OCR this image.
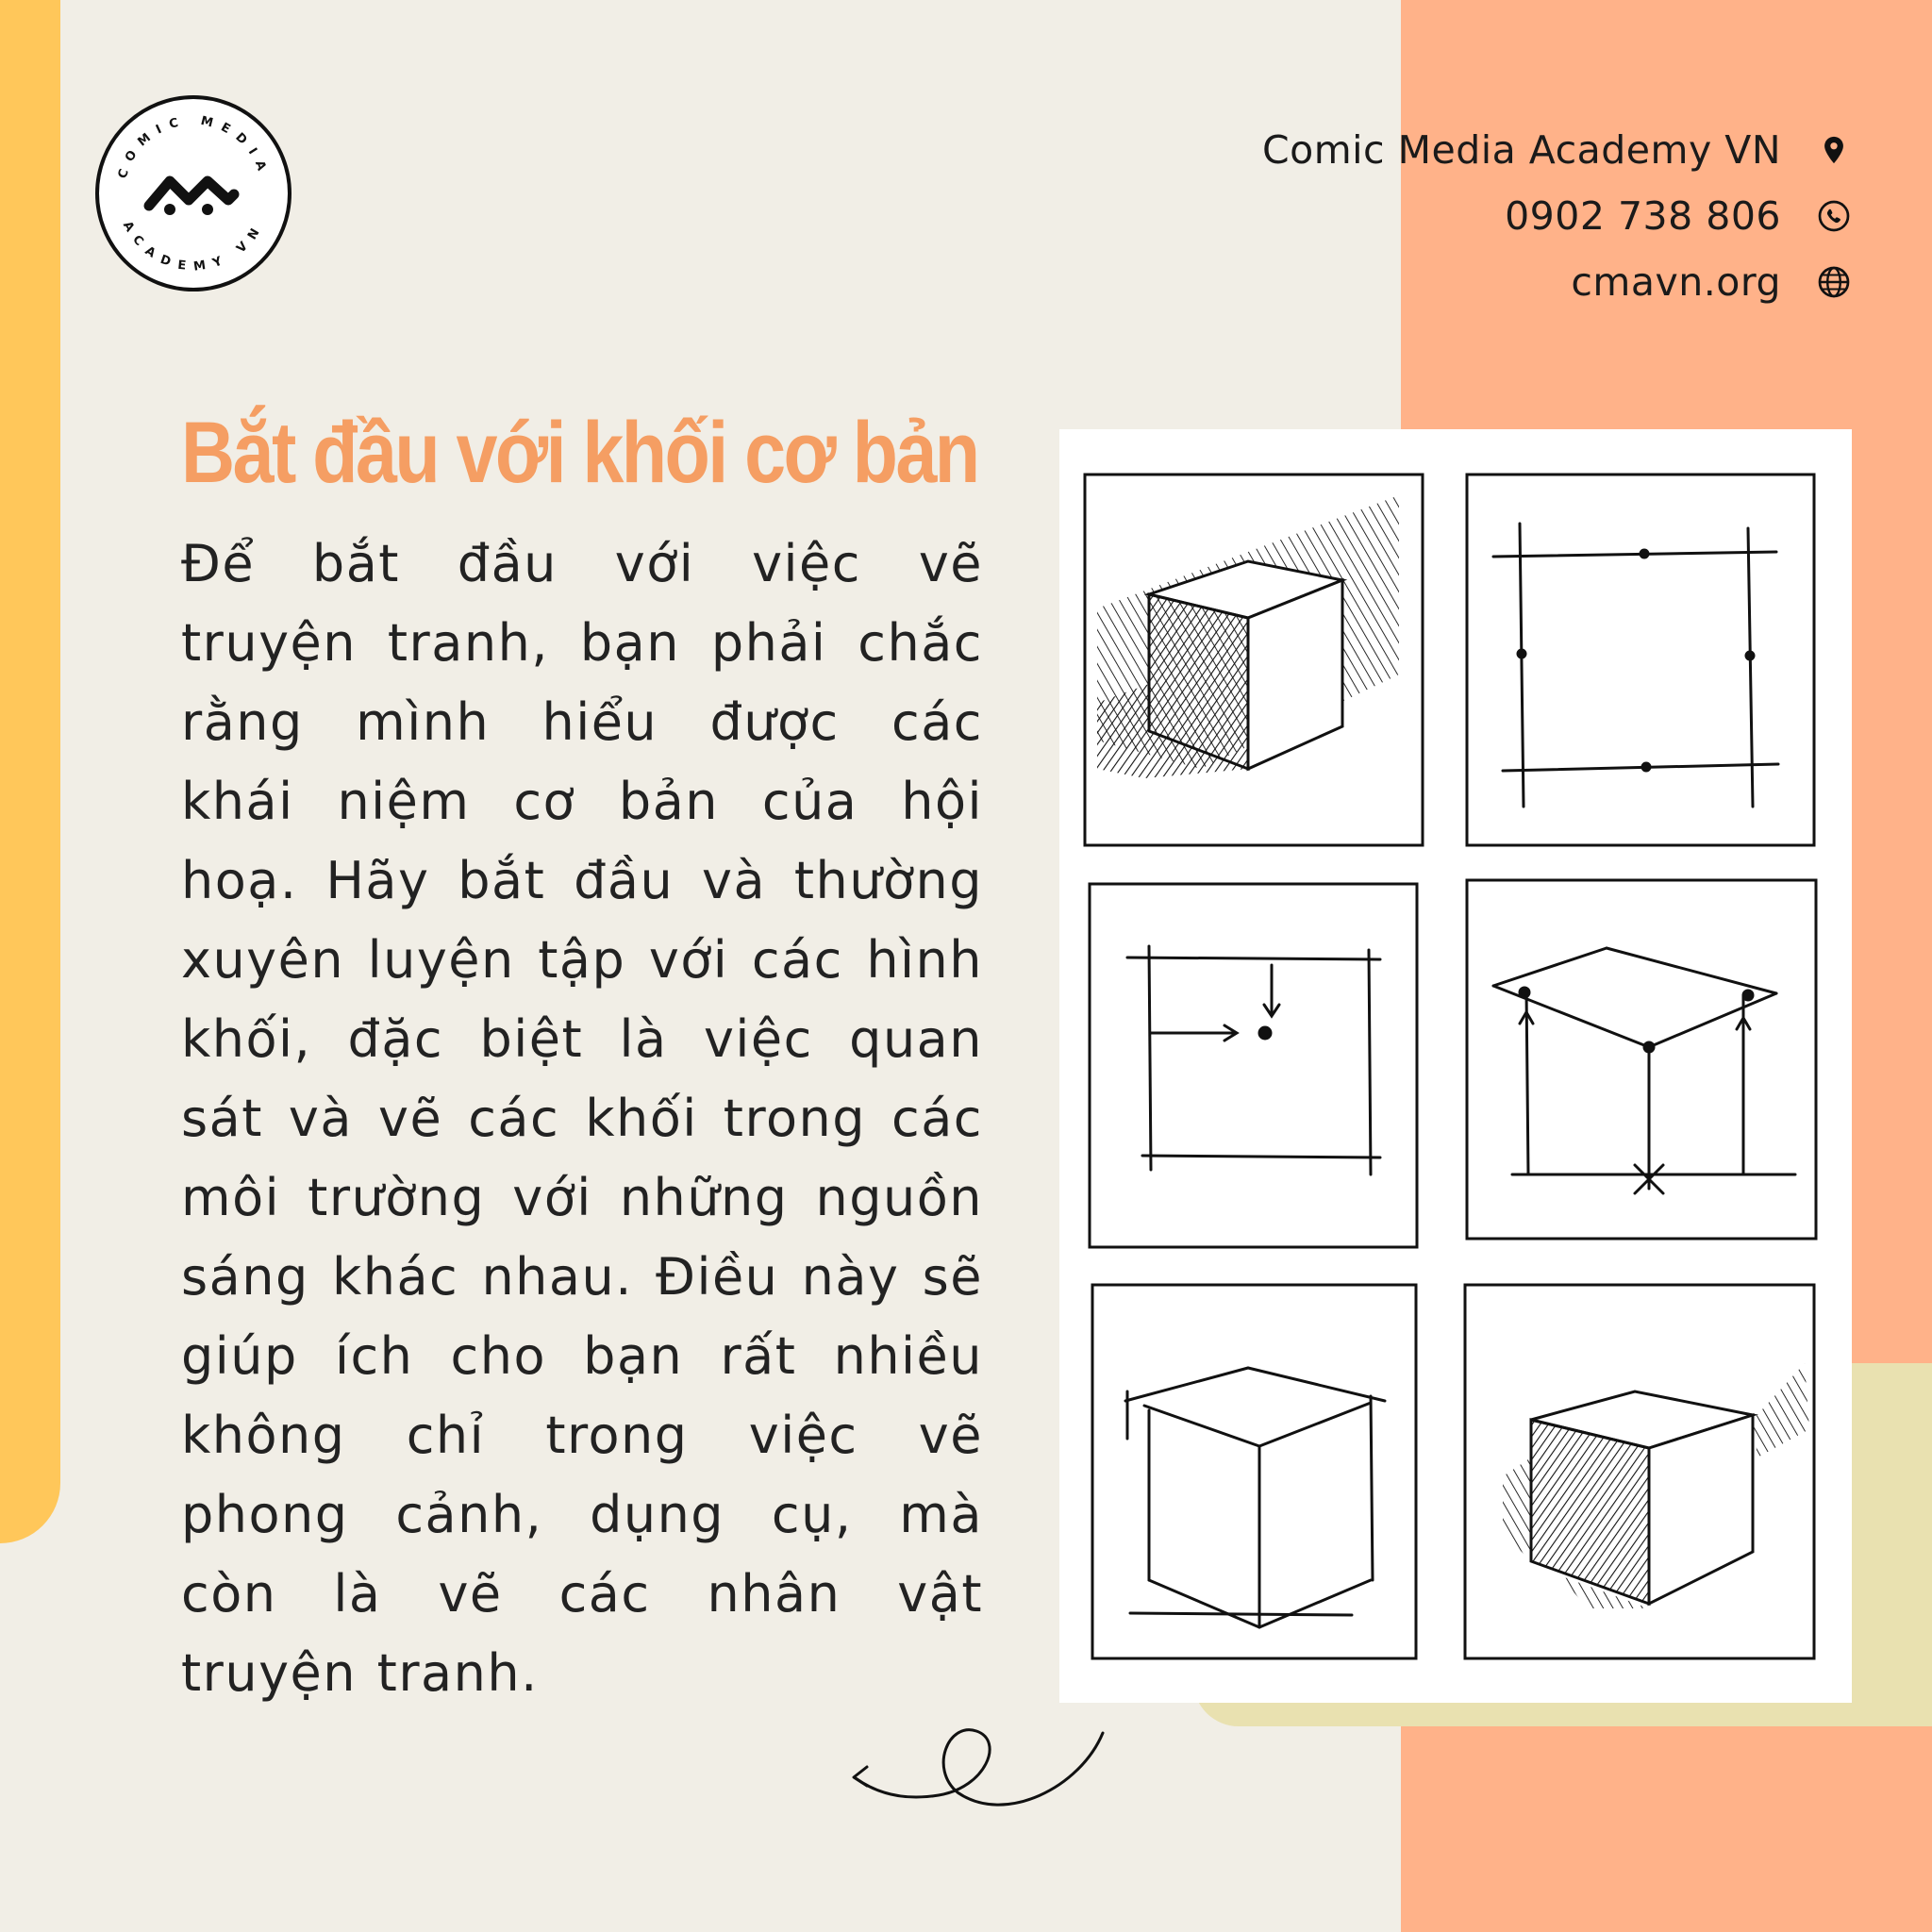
COMIC MEDIA
ACADEMY VN
Comic Media Academy VN
0902 738 806
cmavn.org
Bắt đầu với khối cơ bản

Để bắt đầu với việc vẽ truyện tranh, bạn phải chắc rằng mình hiểu được các khái niệm cơ bản của hội hoạ. Hãy bắt đầu và thường xuyên luyện tập với các hình khối, đặc biệt là việc quan sát và vẽ các khối trong các môi trường với những nguồn sáng khác nhau. Điều này sẽ giúp ích cho bạn rất nhiều không chỉ trong việc vẽ phong cảnh, dụng cụ, mà còn là vẽ các nhân vật truyện tranh.
